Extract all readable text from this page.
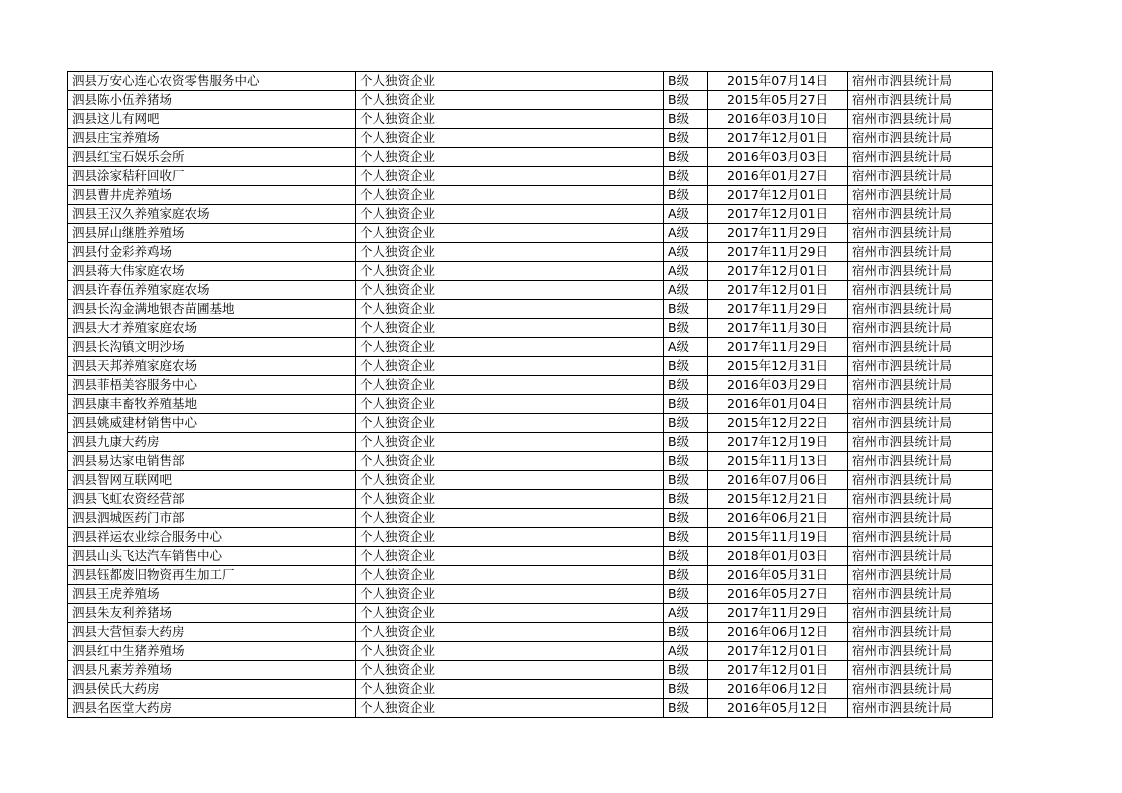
泗县万安心连心农资零售服务中心	个人独资企业	B级	2015年07月14日	宿州市泗县统计局
泗县陈小伍养猪场	个人独资企业	B级	2015年05月27日	宿州市泗县统计局
泗县这儿有网吧	个人独资企业	B级	2016年03月10日	宿州市泗县统计局
泗县庄宝养殖场	个人独资企业	B级	2017年12月01日	宿州市泗县统计局
泗县红宝石娱乐会所	个人独资企业	B级	2016年03月03日	宿州市泗县统计局
泗县涂家秸秆回收厂	个人独资企业	B级	2016年01月27日	宿州市泗县统计局
泗县曹井虎养殖场	个人独资企业	B级	2017年12月01日	宿州市泗县统计局
泗县王汉久养殖家庭农场	个人独资企业	A级	2017年12月01日	宿州市泗县统计局
泗县屏山继胜养殖场	个人独资企业	A级	2017年11月29日	宿州市泗县统计局
泗县付金彩养鸡场	个人独资企业	A级	2017年11月29日	宿州市泗县统计局
泗县蒋大伟家庭农场	个人独资企业	A级	2017年12月01日	宿州市泗县统计局
泗县许春伍养殖家庭农场	个人独资企业	A级	2017年12月01日	宿州市泗县统计局
泗县长沟金满地银杏苗圃基地	个人独资企业	B级	2017年11月29日	宿州市泗县统计局
泗县大才养殖家庭农场	个人独资企业	B级	2017年11月30日	宿州市泗县统计局
泗县长沟镇文明沙场	个人独资企业	A级	2017年11月29日	宿州市泗县统计局
泗县天邦养殖家庭农场	个人独资企业	B级	2015年12月31日	宿州市泗县统计局
泗县菲梧美容服务中心	个人独资企业	B级	2016年03月29日	宿州市泗县统计局
泗县康丰畜牧养殖基地	个人独资企业	B级	2016年01月04日	宿州市泗县统计局
泗县姚威建材销售中心	个人独资企业	B级	2015年12月22日	宿州市泗县统计局
泗县九康大药房	个人独资企业	B级	2017年12月19日	宿州市泗县统计局
泗县易达家电销售部	个人独资企业	B级	2015年11月13日	宿州市泗县统计局
泗县智网互联网吧	个人独资企业	B级	2016年07月06日	宿州市泗县统计局
泗县飞虹农资经营部	个人独资企业	B级	2015年12月21日	宿州市泗县统计局
泗县泗城医药门市部	个人独资企业	B级	2016年06月21日	宿州市泗县统计局
泗县祥运农业综合服务中心	个人独资企业	B级	2015年11月19日	宿州市泗县统计局
泗县山头飞达汽车销售中心	个人独资企业	B级	2018年01月03日	宿州市泗县统计局
泗县钰都废旧物资再生加工厂	个人独资企业	B级	2016年05月31日	宿州市泗县统计局
泗县王虎养殖场	个人独资企业	B级	2016年05月27日	宿州市泗县统计局
泗县朱友利养猪场	个人独资企业	A级	2017年11月29日	宿州市泗县统计局
泗县大营恒泰大药房	个人独资企业	B级	2016年06月12日	宿州市泗县统计局
泗县红中生猪养殖场	个人独资企业	A级	2017年12月01日	宿州市泗县统计局
泗县凡素芳养殖场	个人独资企业	B级	2017年12月01日	宿州市泗县统计局
泗县侯氏大药房	个人独资企业	B级	2016年06月12日	宿州市泗县统计局
泗县名医堂大药房	个人独资企业	B级	2016年05月12日	宿州市泗县统计局
